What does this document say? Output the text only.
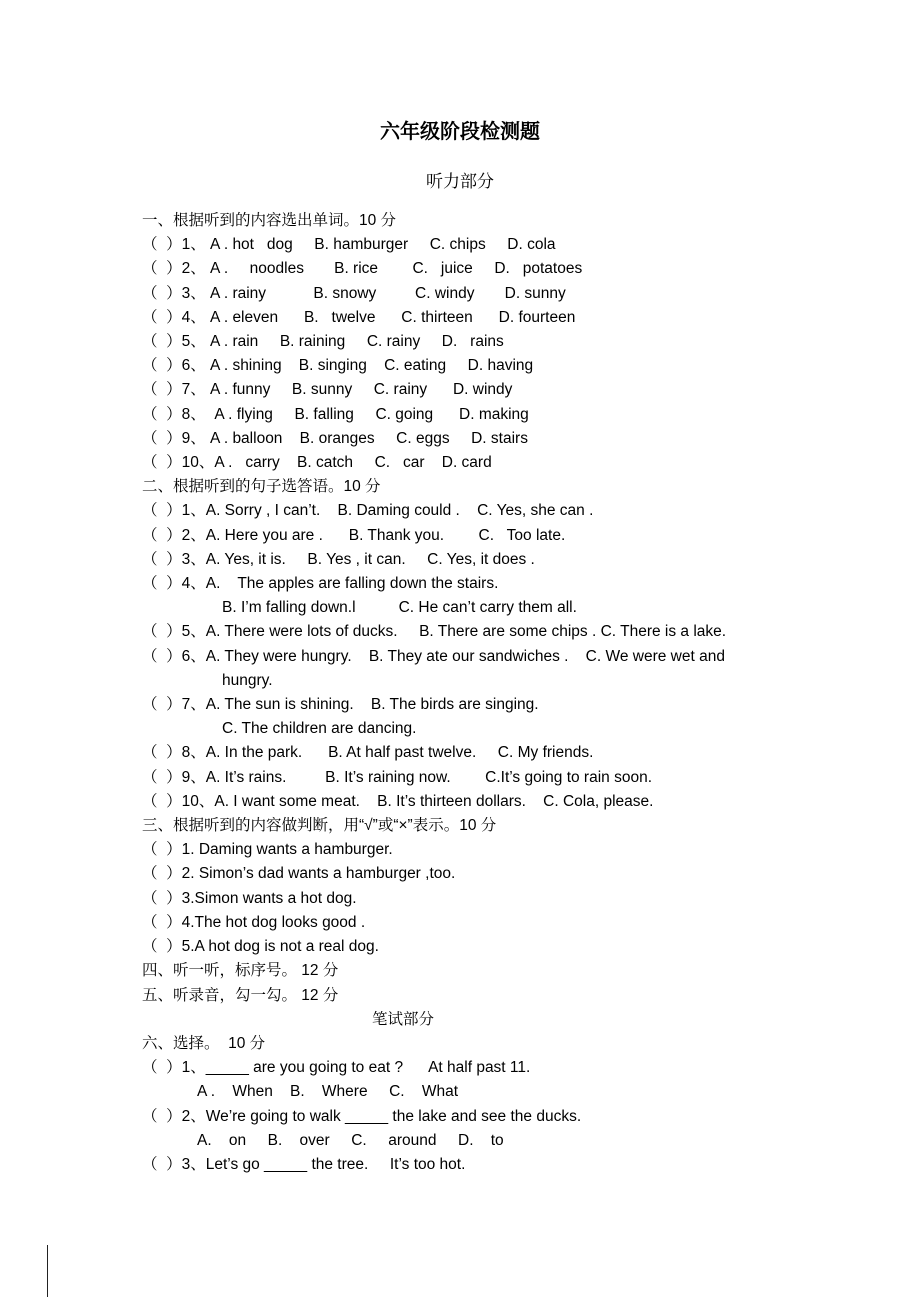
六年级阶段检测题
听力部分
一、根据听到的内容选出单词。10 分
（  ）1、 A . hot   dog     B. hamburger     C. chips     D. cola
（  ）2、 A .     noodles       B. rice        C.   juice     D.   potatoes
（  ）3、 A . rainy           B. snowy         C. windy       D. sunny
（  ）4、 A . eleven      B.   twelve      C. thirteen      D. fourteen
（  ）5、 A . rain     B. raining     C. rainy     D.   rains
（  ）6、 A . shining    B. singing    C. eating     D. having
（  ）7、 A . funny     B. sunny     C. rainy      D. windy
（  ）8、  A . flying     B. falling     C. going      D. making
（  ）9、 A . balloon    B. oranges     C. eggs     D. stairs
（  ）10、A .   carry    B. catch     C.   car    D. card
二、根据听到的句子选答语。10 分
（  ）1、A. Sorry , I can’t.    B. Daming could .    C. Yes, she can .
（  ）2、A. Here you are .      B. Thank you.        C.   Too late.
（  ）3、A. Yes, it is.     B. Yes , it can.     C. Yes, it does .
（  ）4、A.    The apples are falling down the stairs.
B. I’m falling down.l          C. He can’t carry them all.
（  ）5、A. There were lots of ducks.     B. There are some chips . C. There is a lake.
（  ）6、A. They were hungry.    B. They ate our sandwiches .    C. We were wet and
hungry.
（  ）7、A. The sun is shining.    B. The birds are singing.
C. The children are dancing.
（  ）8、A. In the park.      B. At half past twelve.     C. My friends.
（  ）9、A. It’s rains.         B. It’s raining now.        C.It’s going to rain soon.
（  ）10、A. I want some meat.    B. It’s thirteen dollars.    C. Cola, please.
三、根据听到的内容做判断，用“√”或“×”表示。10 分
（  ）1. Daming wants a hamburger.
（  ）2. Simon’s dad wants a hamburger ,too.
（  ）3.Simon wants a hot dog.
（  ）4.The hot dog looks good .
（  ）5.A hot dog is not a real dog.
四、听一听，标序号。 12 分
五、听录音，勾一勾。 12 分
笔试部分
六、选择。  10 分
（  ）1、_____ are you going to eat ?      At half past 11.
A .    When    B.    Where     C.    What
（  ）2、We’re going to walk _____ the lake and see the ducks.
A.    on     B.    over     C.     around     D.    to
（  ）3、Let’s go _____ the tree.     It’s too hot.
